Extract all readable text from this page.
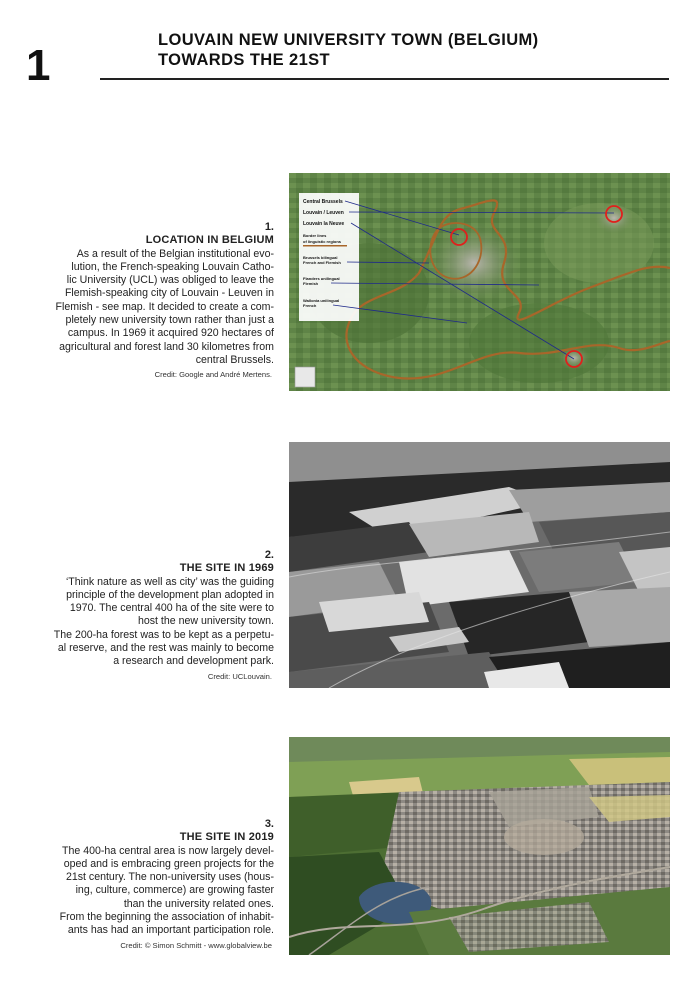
1
LOUVAIN NEW UNIVERSITY TOWN (BELGIUM)
TOWARDS THE 21ST
1.
LOCATION IN BELGIUM
As a result of the Belgian institutional evo-
lution, the French-speaking Louvain Catho-
lic University (UCL) was obliged to leave the
Flemish-speaking city of Louvain - Leuven in
Flemish - see map. It decided to create a com-
pletely new university town rather than just a
campus. In 1969 it acquired 920 hectares of
agricultural and forest land 30 kilometres from
central Brussels.
Credit: Google and André Mertens.
Central Brussels
Louvain / Leuven
Louvain la Neuve
Border lines
of linguistic regions
Brussels bilingual
French and Flemish
Flanders unilingual
Flemish
Wallonia unilingual
French
2.
THE SITE IN 1969
‘Think nature as well as city’ was the guiding
principle of the development plan adopted in
1970. The central 400 ha of the site were to
host the new university town.
The 200-ha forest was to be kept as a perpetu-
al reserve, and the rest was mainly to become
a research and development park.
Credit: UCLouvain.
3.
THE SITE IN 2019
The 400-ha central area is now largely devel-
oped and is embracing green projects for the
21st century. The non-university uses (hous-
ing, culture, commerce) are growing faster
than the university related ones.
From the beginning the association of inhabit-
ants has had an important participation role.
Credit: © Simon Schmitt - www.globalview.be
